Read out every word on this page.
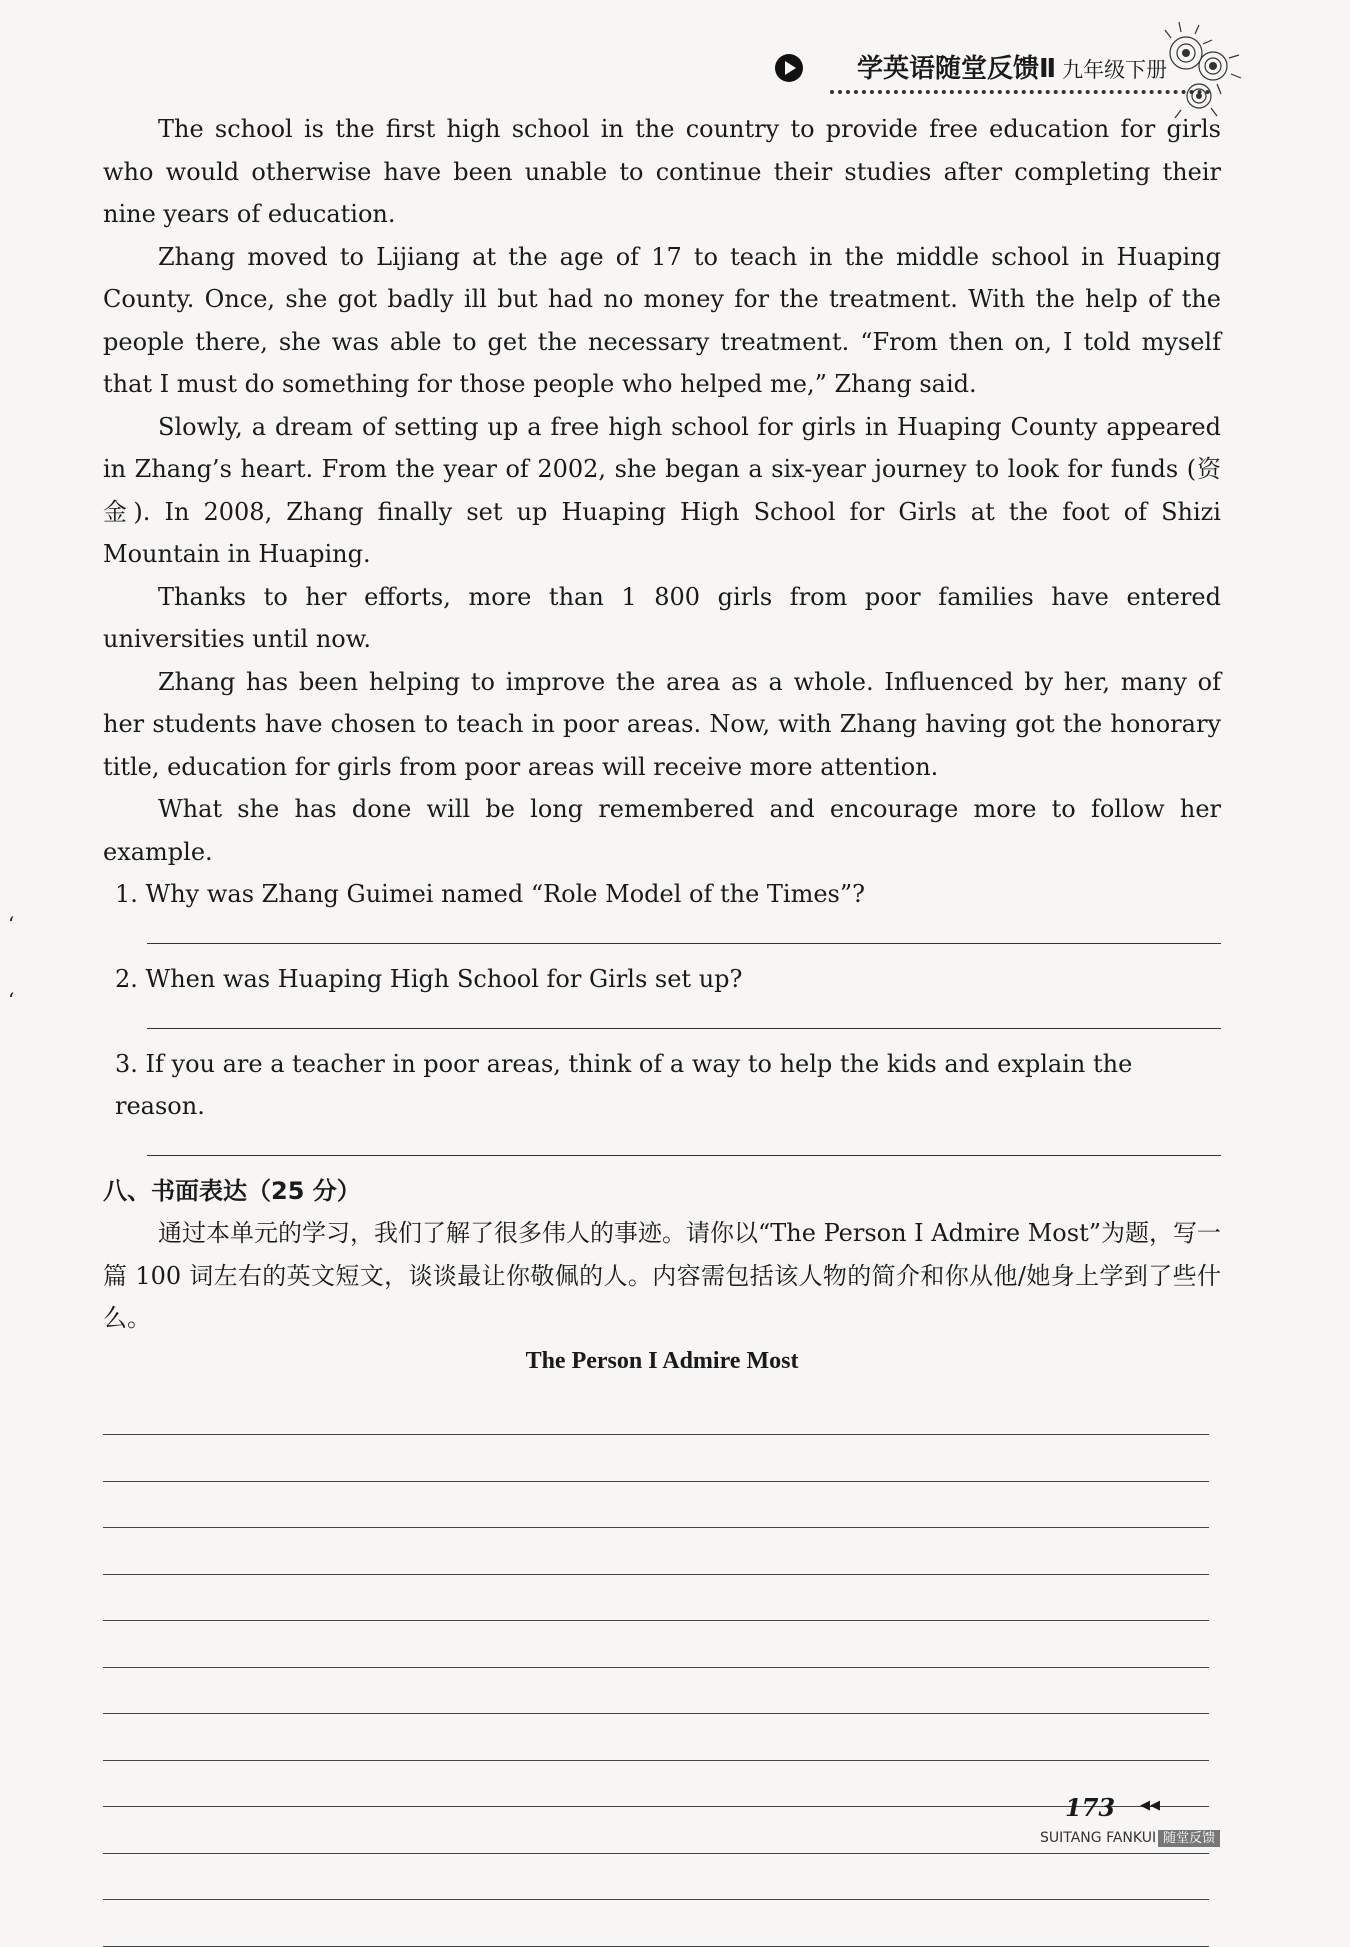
学英语随堂反馈Ⅱ 九年级下册
‘
‘

The school is the first high school in the country to provide free education for girls who would otherwise have been unable to continue their studies after completing their nine years of education.

Zhang moved to Lijiang at the age of 17 to teach in the middle school in Huaping County. Once, she got badly ill but had no money for the treatment. With the help of the people there, she was able to get the necessary treatment. “From then on, I told myself that I must do something for those people who helped me,” Zhang said.

Slowly, a dream of setting up a free high school for girls in Huaping County appeared in Zhang’s heart. From the year of 2002, she began a six-year journey to look for funds (资金). In 2008, Zhang finally set up Huaping High School for Girls at the foot of Shizi Mountain in Huaping.

Thanks to her efforts, more than 1 800 girls from poor families have entered universities until now.

Zhang has been helping to improve the area as a whole. Influenced by her, many of her students have chosen to teach in poor areas. Now, with Zhang having got the honorary title, education for girls from poor areas will receive more attention.

What she has done will be long remembered and encourage more to follow her example.

1. Why was Zhang Guimei named “Role Model of the Times”?
2. When was Huaping High School for Girls set up?
3. If you are a teacher in poor areas, think of a way to help the kids and explain the reason.
八、书面表达（25 分）

通过本单元的学习，我们了解了很多伟人的事迹。请你以“The Person I Admire Most”为题，写一篇 100 词左右的英文短文，谈谈最让你敬佩的人。内容需包括该人物的简介和你从他/她身上学到了些什么。

The Person I Admire Most
173 ◀◀
SUITANG FANKUI 随堂反馈
